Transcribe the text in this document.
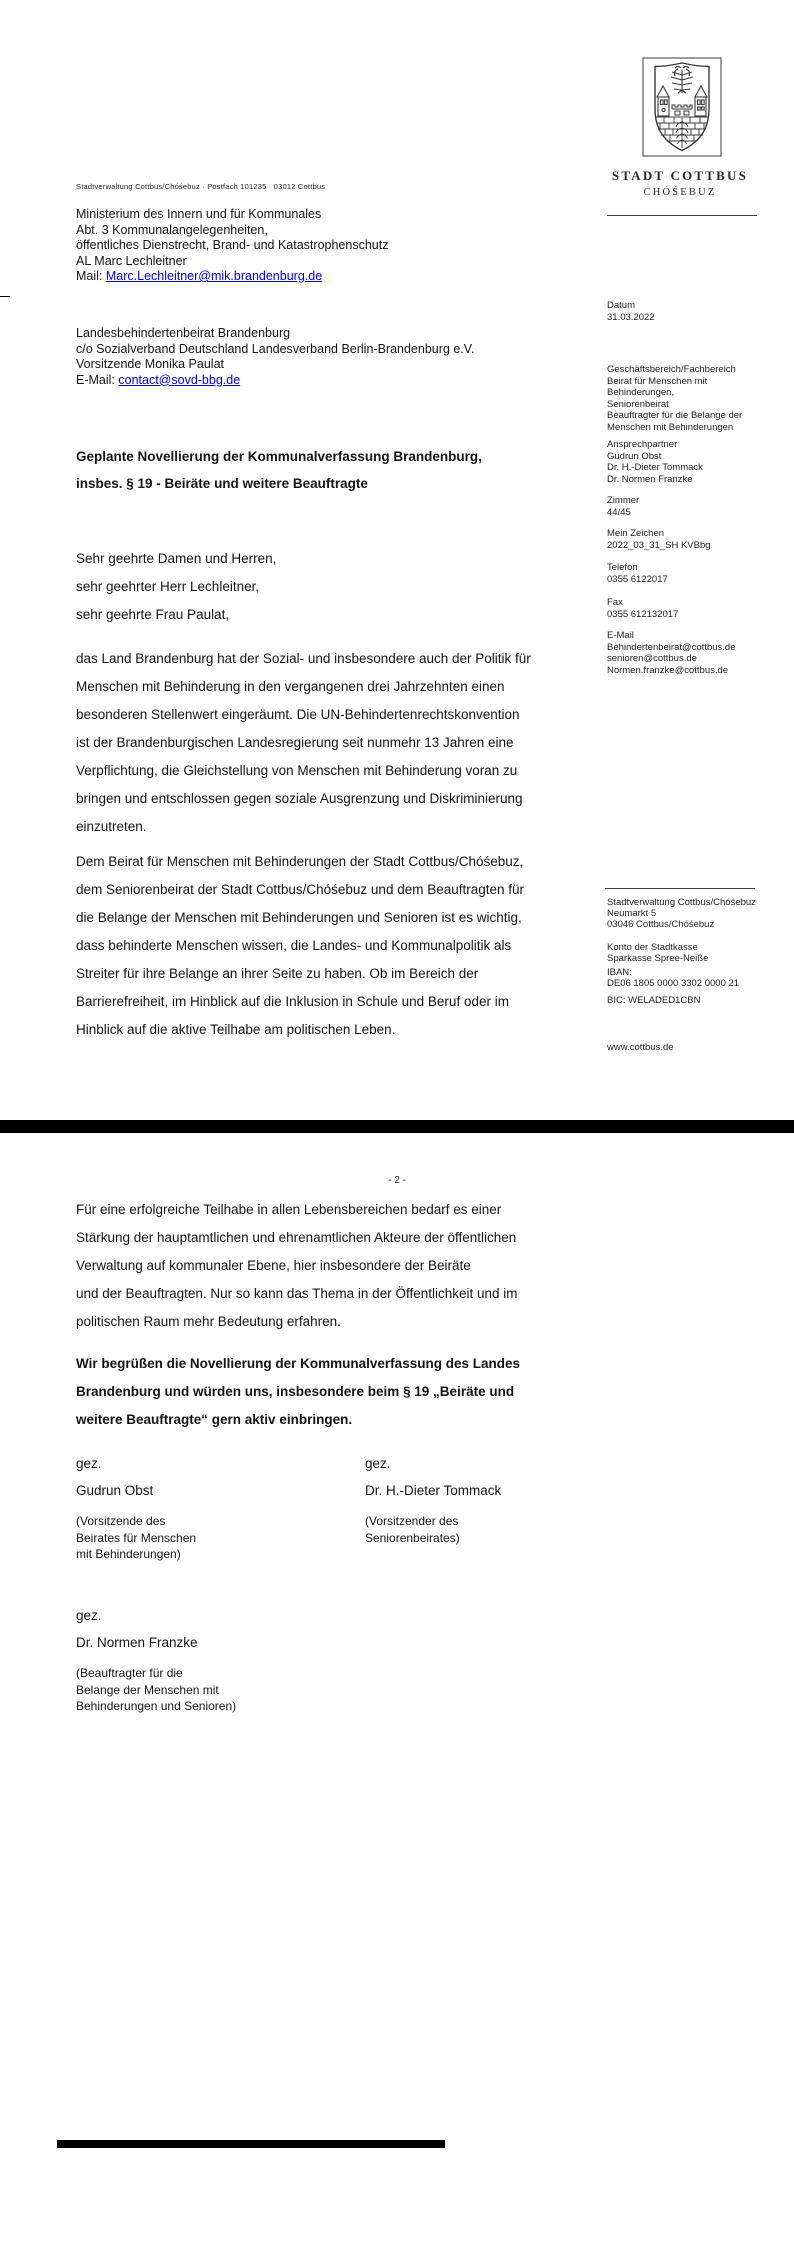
STADT COTTBUS
CHÓŚEBUZ
Stadtverwaltung Cottbus/Chóśebuz · Postfach 101235 · 03012 Cottbus
Ministerium des Innern und für Kommunales
Abt. 3 Kommunalangelegenheiten,
öffentliches Dienstrecht, Brand- und Katastrophenschutz
AL Marc Lechleitner
Mail: Marc.Lechleitner@mik.brandenburg.de
Landesbehindertenbeirat Brandenburg
c/o Sozialverband Deutschland Landesverband Berlin-Brandenburg e.V.
Vorsitzende Monika Paulat
E-Mail: contact@sovd-bbg.de
Datum
31.03.2022
Geschäftsbereich/Fachbereich
Beirat für Menschen mit
Behinderungen,
Seniorenbeirat
Beauftragter für die Belange der
Menschen mit Behinderungen
Ansprechpartner
Gudrun Obst
Dr. H.-Dieter Tommack
Dr. Normen Franzke
Zimmer
44/45
Mein Zeichen
2022_03_31_SH KVBbg
Telefon
0355 6122017
Fax
0355 612132017
E-Mail
Behindertenbeirat@cottbus.de
senioren@cottbus.de
Normen.franzke@cottbus.de
Geplante Novellierung der Kommunalverfassung Brandenburg,
insbes. § 19 - Beiräte und weitere Beauftragte
Sehr geehrte Damen und Herren,
sehr geehrter Herr Lechleitner,
sehr geehrte Frau Paulat,
das Land Brandenburg hat der Sozial- und insbesondere auch der Politik für
Menschen mit Behinderung in den vergangenen drei Jahrzehnten einen
besonderen Stellenwert eingeräumt. Die UN-Behindertenrechtskonvention
ist der Brandenburgischen Landesregierung seit nunmehr 13 Jahren eine
Verpflichtung, die Gleichstellung von Menschen mit Behinderung voran zu
bringen und entschlossen gegen soziale Ausgrenzung und Diskriminierung
einzutreten.
Dem Beirat für Menschen mit Behinderungen der Stadt Cottbus/Chóśebuz,
dem Seniorenbeirat der Stadt Cottbus/Chóśebuz und dem Beauftragten für
die Belange der Menschen mit Behinderungen und Senioren ist es wichtig,
dass behinderte Menschen wissen, die Landes- und Kommunalpolitik als
Streiter für ihre Belange an ihrer Seite zu haben. Ob im Bereich der
Barrierefreiheit, im Hinblick auf die Inklusion in Schule und Beruf oder im
Hinblick auf die aktive Teilhabe am politischen Leben.
Stadtverwaltung Cottbus/Chóśebuz
Neumarkt 5
03046 Cottbus/Chóśebuz
Konto der Stadtkasse
Sparkasse Spree-Neiße
IBAN:
DE06 1805 0000 3302 0000 21
BIC: WELADED1CBN
www.cottbus.de
- 2 -
Für eine erfolgreiche Teilhabe in allen Lebensbereichen bedarf es einer
Stärkung der hauptamtlichen und ehrenamtlichen Akteure der öffentlichen
Verwaltung auf kommunaler Ebene, hier insbesondere der Beiräte
und der Beauftragten. Nur so kann das Thema in der Öffentlichkeit und im
politischen Raum mehr Bedeutung erfahren.
Wir begrüßen die Novellierung der Kommunalverfassung des Landes
Brandenburg und würden uns, insbesondere beim § 19 „Beiräte und
weitere Beauftragte“ gern aktiv einbringen.
gez.
Gudrun Obst
(Vorsitzende des
Beirates für Menschen
mit Behinderungen)
gez.
Dr. H.-Dieter Tommack
(Vorsitzender des
Seniorenbeirates)
gez.
Dr. Normen Franzke
(Beauftragter für die
Belange der Menschen mit
Behinderungen und Senioren)
